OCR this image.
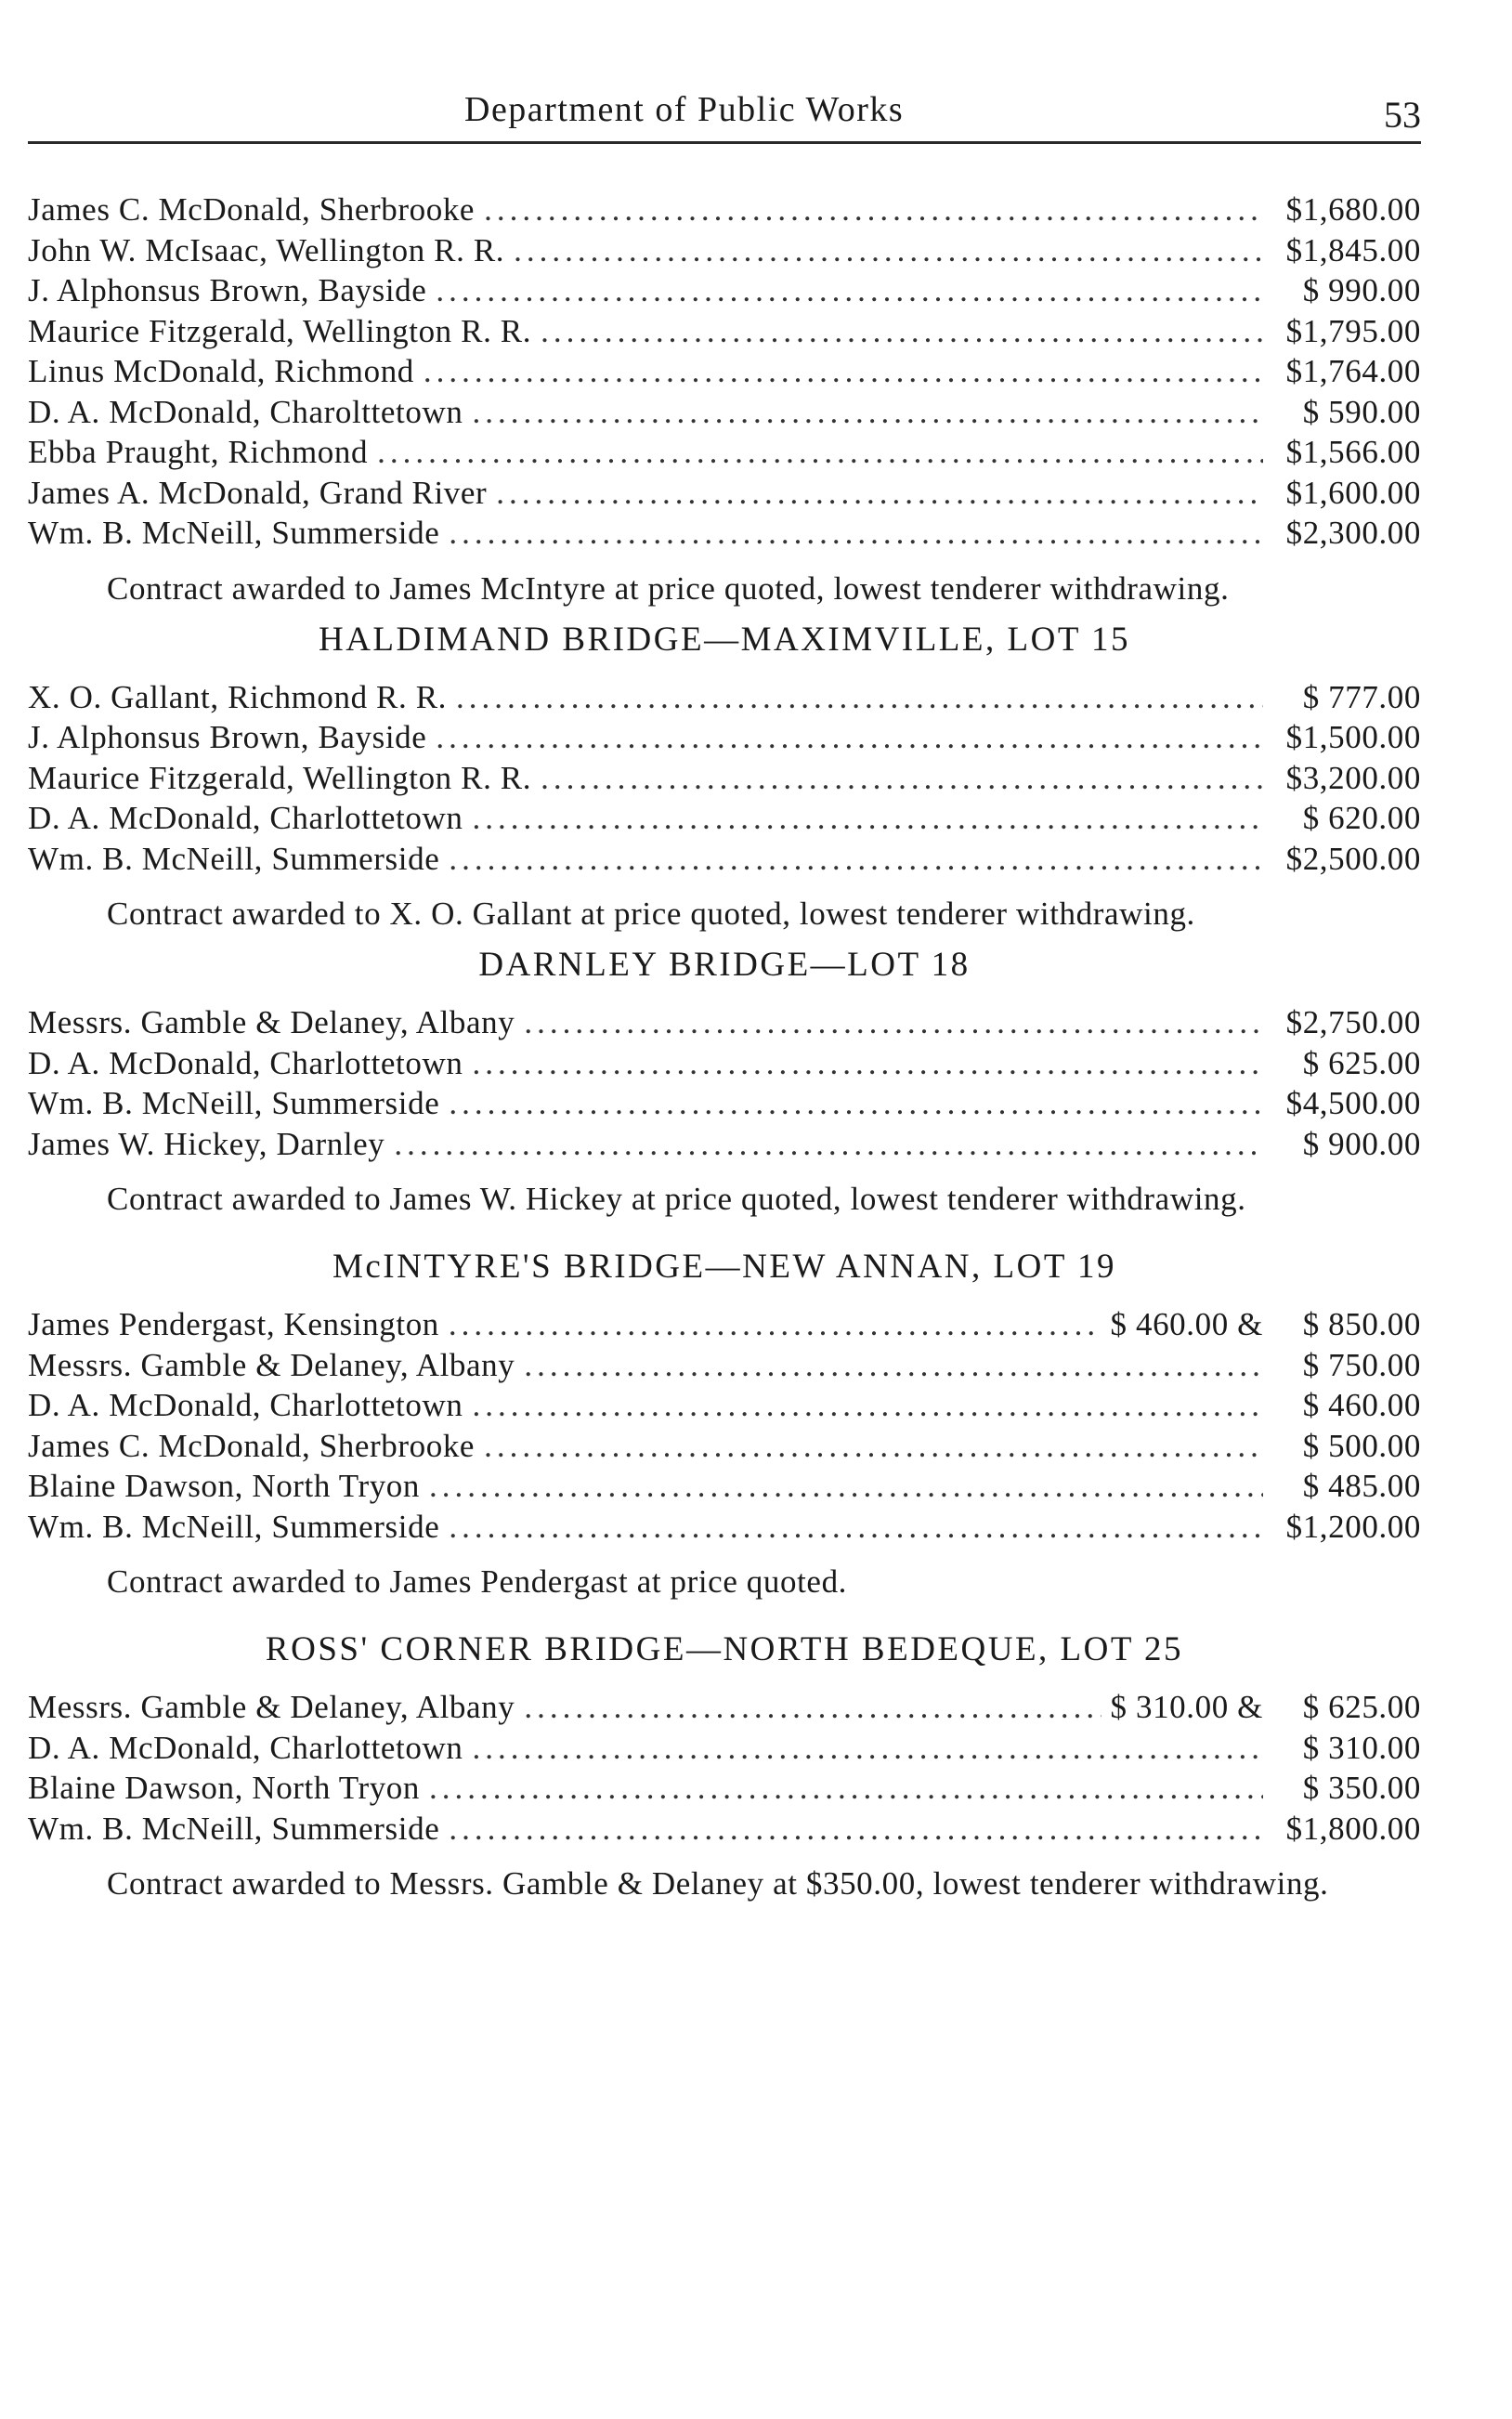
Department of Public Works	53
James C. McDonald, Sherbrooke .....	$1,680.00
John W. McIsaac, Wellington R. R. .....	$1,845.00
J. Alphonsus Brown, Bayside .....	$ 990.00
Maurice Fitzgerald, Wellington R. R. .....	$1,795.00
Linus McDonald, Richmond .....	$1,764.00
D. A. McDonald, Charolttetown .....	$ 590.00
Ebba Praught, Richmond .....	$1,566.00
James A. McDonald, Grand River .....	$1,600.00
Wm. B. McNeill, Summerside .....	$2,300.00
Contract awarded to James McIntyre at price quoted, lowest tenderer withdrawing.
HALDIMAND BRIDGE—MAXIMVILLE, LOT 15
X. O. Gallant, Richmond R. R. .....	$ 777.00
J. Alphonsus Brown, Bayside .....	$1,500.00
Maurice Fitzgerald, Wellington R. R. .....	$3,200.00
D. A. McDonald, Charlottetown .....	$ 620.00
Wm. B. McNeill, Summerside .....	$2,500.00
Contract awarded to X. O. Gallant at price quoted, lowest tenderer withdrawing.
DARNLEY BRIDGE—LOT 18
Messrs. Gamble & Delaney, Albany .....	$2,750.00
D. A. McDonald, Charlottetown .....	$ 625.00
Wm. B. McNeill, Summerside .....	$4,500.00
James W. Hickey, Darnley .....	$ 900.00
Contract awarded to James W. Hickey at price quoted, lowest tenderer withdrawing.
McINTYRE'S BRIDGE—NEW ANNAN, LOT 19
James Pendergast, Kensington .....	$ 460.00 &	$ 850.00
Messrs. Gamble & Delaney, Albany .....	$ 750.00
D. A. McDonald, Charlottetown .....	$ 460.00
James C. McDonald, Sherbrooke .....	$ 500.00
Blaine Dawson, North Tryon .....	$ 485.00
Wm. B. McNeill, Summerside .....	$1,200.00
Contract awarded to James Pendergast at price quoted.
ROSS' CORNER BRIDGE—NORTH BEDEQUE, LOT 25
Messrs. Gamble & Delaney, Albany .....	$ 310.00 &	$ 625.00
D. A. McDonald, Charlottetown .....	$ 310.00
Blaine Dawson, North Tryon .....	$ 350.00
Wm. B. McNeill, Summerside .....	$1,800.00
Contract awarded to Messrs. Gamble & Delaney at $350.00, lowest tenderer withdrawing.
